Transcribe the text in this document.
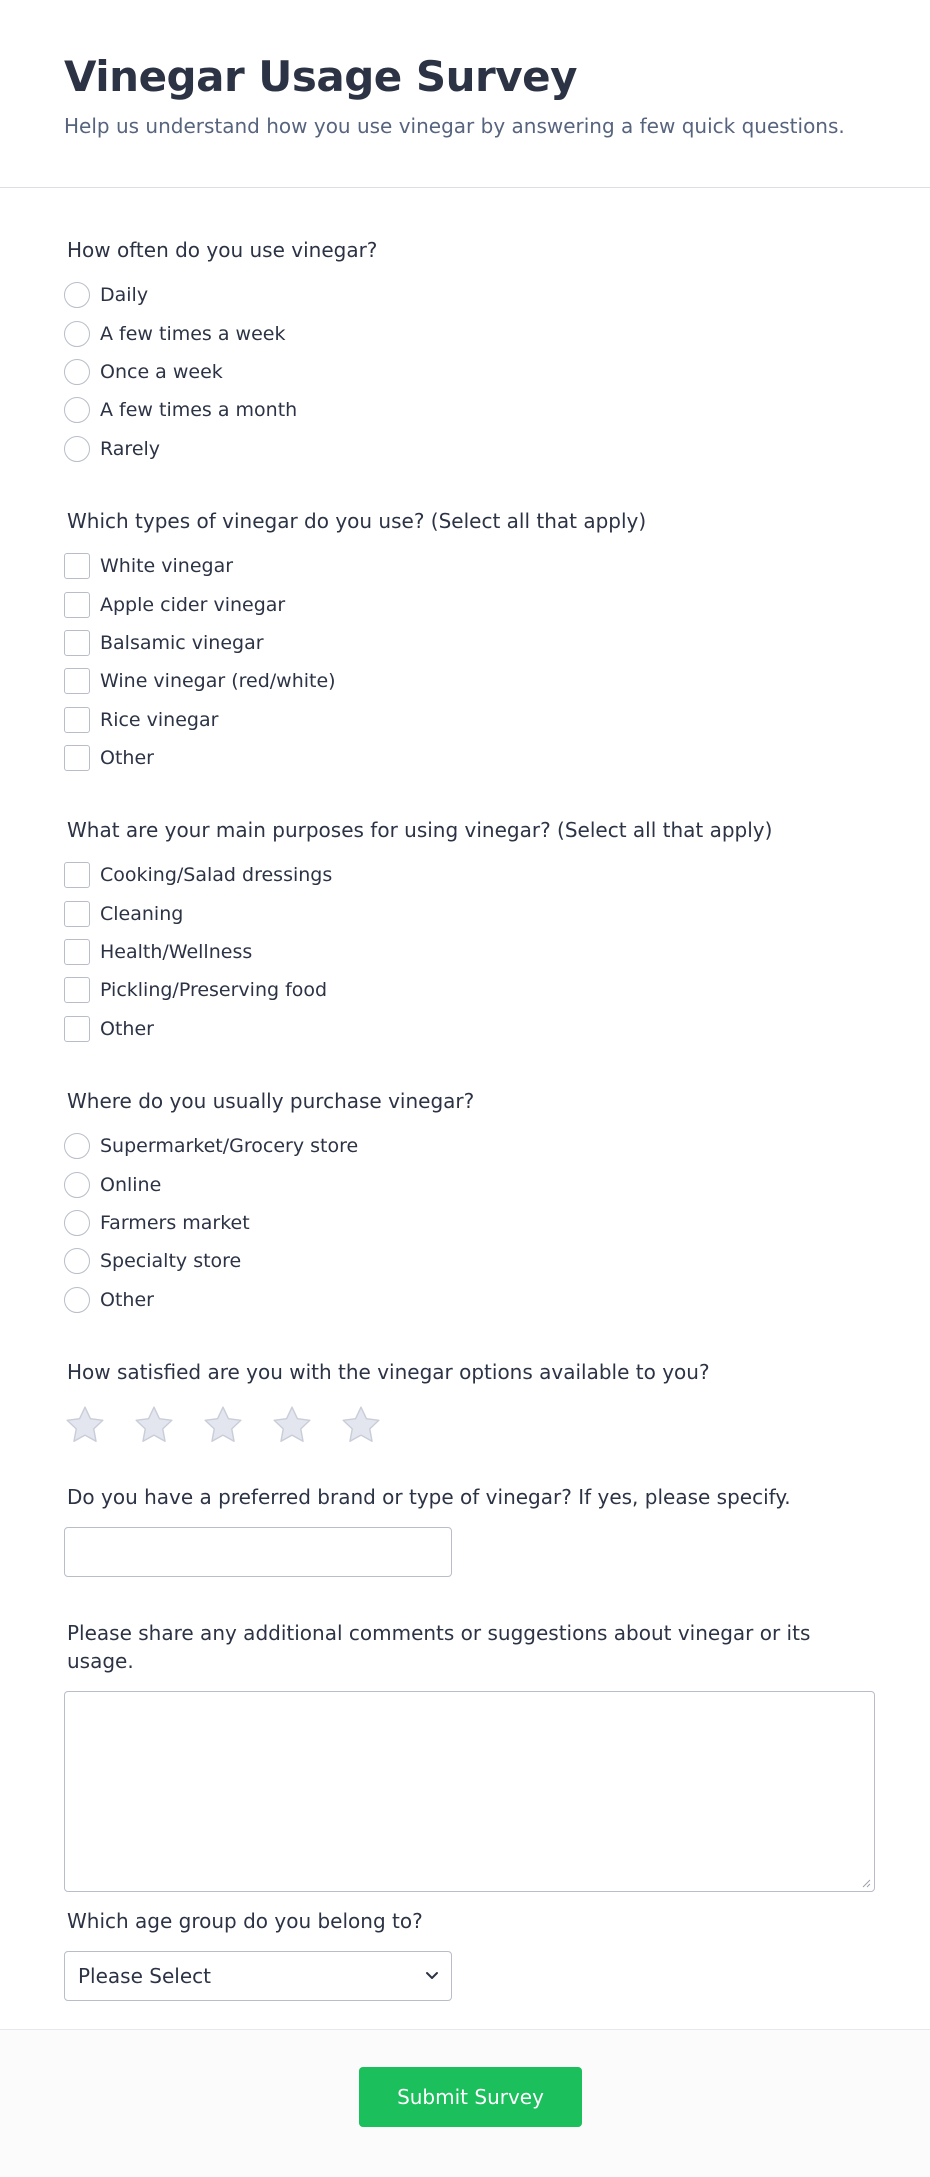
Vinegar Usage Survey

Help us understand how you use vinegar by answering a few quick questions.

How often do you use vinegar?
Daily
A few times a week
Once a week
A few times a month
Rarely
Which types of vinegar do you use? (Select all that apply)
White vinegar
Apple cider vinegar
Balsamic vinegar
Wine vinegar (red/white)
Rice vinegar
Other
What are your main purposes for using vinegar? (Select all that apply)
Cooking/Salad dressings
Cleaning
Health/Wellness
Pickling/Preserving food
Other
Where do you usually purchase vinegar?
Supermarket/Grocery store
Online
Farmers market
Specialty store
Other
How satisfied are you with the vinegar options available to you?
Do you have a preferred brand or type of vinegar? If yes, please specify.
Please share any additional comments or suggestions about vinegar or its usage.
Which age group do you belong to?
Please Select
Submit Survey
